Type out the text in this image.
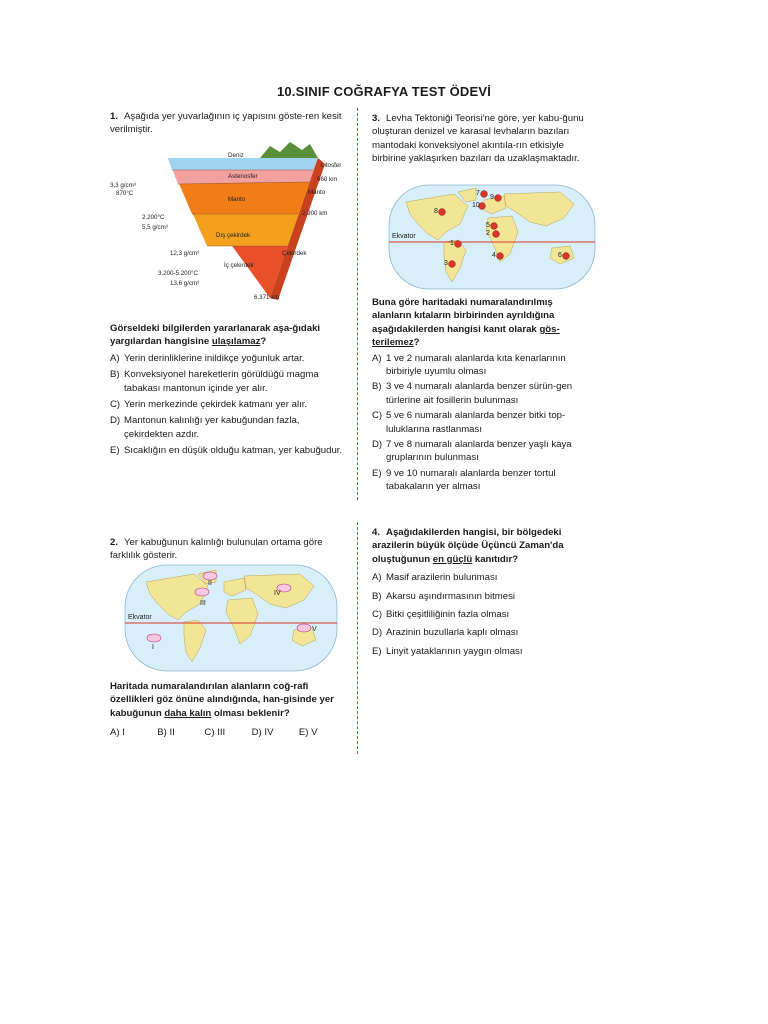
10.SINIF COĞRAFYA TEST ÖDEVİ
1. Aşağıda yer yuvarlağının iç yapısını göste-ren kesit verilmiştir.
Deniz
Litosfer
Astenosfer	660 km
Manto
3,3 g/cm³
870°C
Manto
2.900 km
2.200°C
5,5 g/cm³
Dış çekirdek
12,3 g/cm³	Çekirdek
İç çekirdek
3.200-5.200°C
13,6 g/cm³
6.371 km
Görseldeki bilgilerden yararlanarak aşa-ğıdaki yargılardan hangisine ulaşılamaz?
A) Yerin derinliklerine inildikçe yoğunluk artar.
B) Konveksiyonel hareketlerin görüldüğü magma tabakası mantonun içinde yer alır.
C) Yerin merkezinde çekirdek katmanı yer alır.
D) Mantonun kalınlığı yer kabuğundan fazla, çekirdekten azdır.
E) Sıcaklığın en düşük olduğu katman, yer kabuğudur.
2. Yer kabuğunun kalınlığı bulunulan ortama göre farklılık gösterir.
Ekvator
I
II
III
IV
V
Haritada numaralandırılan alanların coğ-rafi özellikleri göz önüne alındığında, han-gisinde yer kabuğunun daha kalın olması beklenir?
A) I	B) II	C) III	D) IV	E) V
3. Levha Tektoniği Teorisi'ne göre, yer kabu-ğunu oluşturan denizel ve karasal levhaların bazıları mantodaki konveksiyonel akıntıla-rın etkisiyle birbirine yaklaşırken bazıları da uzaklaşmaktadır.
Ekvator
1
2
3
4
5
6
7
8
9
10
Buna göre haritadaki numaralandırılmış alanların kıtaların birbirinden ayrıldığına aşağıdakilerden hangisi kanıt olarak gös-terilemez?
A) 1 ve 2 numaralı alanlarda kıta kenarlarının birbiriyle uyumlu olması
B) 3 ve 4 numaralı alanlarda benzer sürün-gen türlerine ait fosillerin bulunması
C) 5 ve 6 numaralı alanlarda benzer bitki top-luluklarına rastlanması
D) 7 ve 8 numaralı alanlarda benzer yaşlı kaya gruplarının bulunması
E) 9 ve 10 numaralı alanlarda benzer tortul tabakaların yer alması
4. Aşağıdakilerden hangisi, bir bölgedeki arazilerin büyük ölçüde Üçüncü Zaman'da oluştuğunun en güçlü kanıtıdır?
A) Masif arazilerin bulunması
B) Akarsu aşındırmasının bitmesi
C) Bitki çeşitliliğinin fazla olması
D) Arazinin buzullarla kaplı olması
E) Linyit yataklarının yaygın olması
